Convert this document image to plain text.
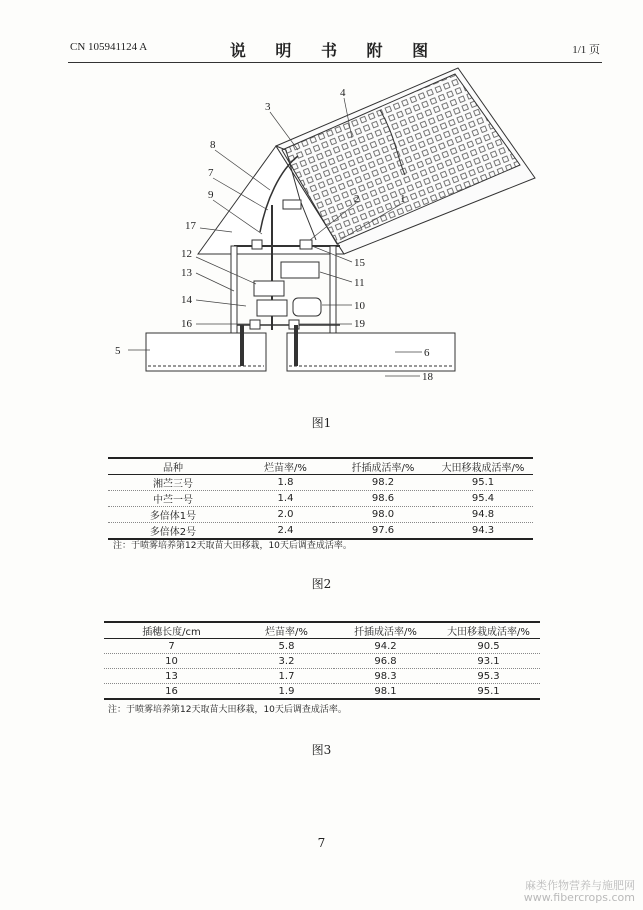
CN 105941124 A	说 明 书 附 图	1/1 页
3
4
8
7
9
17
2	1
12
15
13
11
14	10
16	19
5	6
18
图1
品种	烂苗率/%	扦插成活率/%	大田移栽成活率/%
湘苎三号	1.8	98.2	95.1
中苎一号	1.4	98.6	95.4
多倍体1号	2.0	98.0	94.8
多倍体2号	2.4	97.6	94.3
注：于喷雾培养第12天取苗大田移栽，10天后调查成活率。
图2
插穗长度/cm	烂苗率/%	扦插成活率/%	大田移栽成活率/%
7	5.8	94.2	90.5
10	3.2	96.8	93.1
13	1.7	98.3	95.3
16	1.9	98.1	95.1
注：于喷雾培养第12天取苗大田移栽，10天后调查成活率。
图3
7
麻类作物营养与施肥网
www.fibercrops.com
